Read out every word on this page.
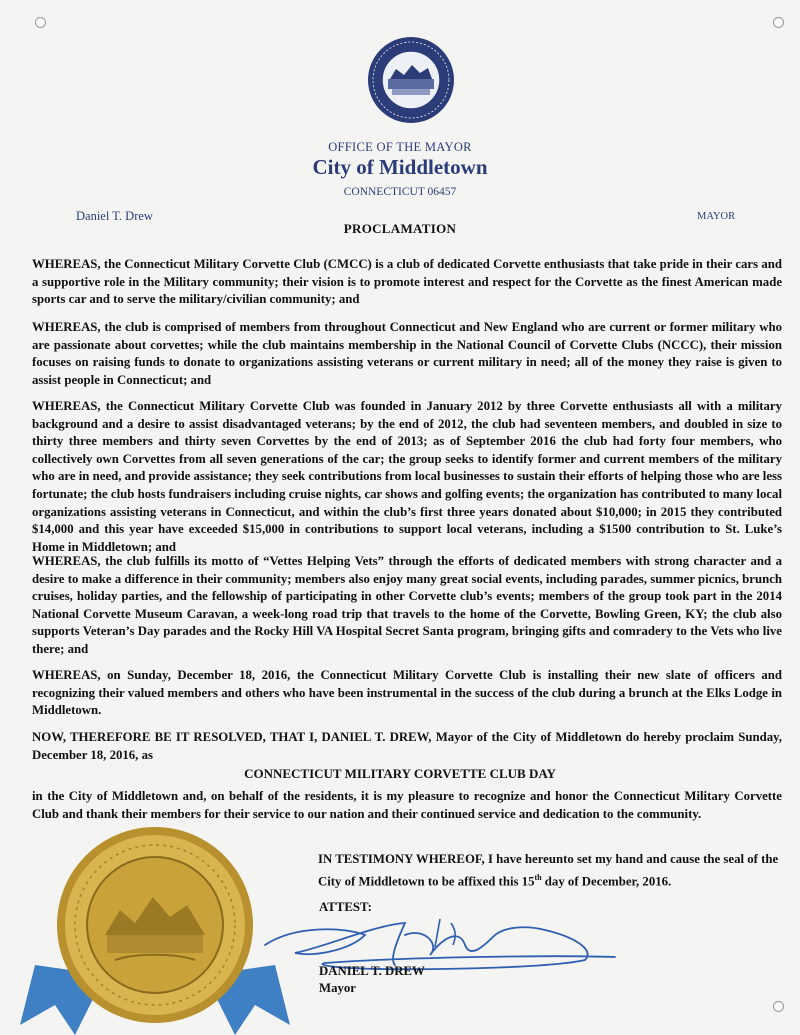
OFFICE OF THE MAYOR
City of Middletown
CONNECTICUT 06457
Daniel T. Drew	MAYOR
PROCLAMATION

WHEREAS, the Connecticut Military Corvette Club (CMCC) is a club of dedicated Corvette enthusiasts that take pride in their cars and a supportive role in the Military community; their vision is to promote interest and respect for the Corvette as the finest American made sports car and to serve the military/civilian community; and

WHEREAS, the club is comprised of members from throughout Connecticut and New England who are current or former military who are passionate about corvettes; while the club maintains membership in the National Council of Corvette Clubs (NCCC), their mission focuses on raising funds to donate to organizations assisting veterans or current military in need; all of the money they raise is given to assist people in Connecticut; and

WHEREAS, the Connecticut Military Corvette Club was founded in January 2012 by three Corvette enthusiasts all with a military background and a desire to assist disadvantaged veterans; by the end of 2012, the club had seventeen members, and doubled in size to thirty three members and thirty seven Corvettes by the end of 2013; as of September 2016 the club had forty four members, who collectively own Corvettes from all seven generations of the car; the group seeks to identify former and current members of the military who are in need, and provide assistance; they seek contributions from local businesses to sustain their efforts of helping those who are less fortunate; the club hosts fundraisers including cruise nights, car shows and golfing events; the organization has contributed to many local organizations assisting veterans in Connecticut, and within the club’s first three years donated about $10,000; in 2015 they contributed $14,000 and this year have exceeded $15,000 in contributions to support local veterans, including a $1500 contribution to St. Luke’s Home in Middletown; and

WHEREAS, the club fulfills its motto of “Vettes Helping Vets” through the efforts of dedicated members with strong character and a desire to make a difference in their community; members also enjoy many great social events, including parades, summer picnics, brunch cruises, holiday parties, and the fellowship of participating in other Corvette club’s events; members of the group took part in the 2014 National Corvette Museum Caravan, a week-long road trip that travels to the home of the Corvette, Bowling Green, KY; the club also supports Veteran’s Day parades and the Rocky Hill VA Hospital Secret Santa program, bringing gifts and comradery to the Vets who live there; and

WHEREAS, on Sunday, December 18, 2016, the Connecticut Military Corvette Club is installing their new slate of officers and recognizing their valued members and others who have been instrumental in the success of the club during a brunch at the Elks Lodge in Middletown.

NOW, THEREFORE BE IT RESOLVED, THAT I, DANIEL T. DREW, Mayor of the City of Middletown do hereby proclaim Sunday, December 18, 2016, as

CONNECTICUT MILITARY CORVETTE CLUB DAY

in the City of Middletown and, on behalf of the residents, it is my pleasure to recognize and honor the Connecticut Military Corvette Club and thank their members for their service to our nation and their continued service and dedication to the community.

IN TESTIMONY WHEREOF, I have hereunto set my hand and cause the seal of the City of Middletown to be affixed this 15th day of December, 2016.

ATTEST:
DANIEL T. DREW
Mayor
